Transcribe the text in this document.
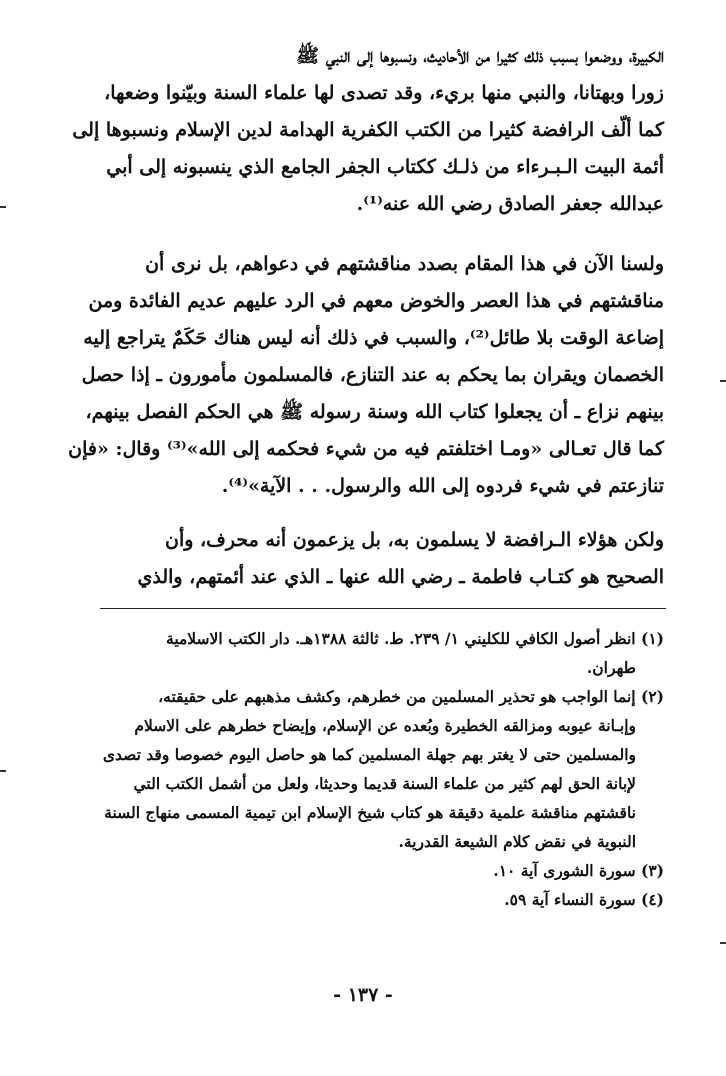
الكبيرة، ووضعوا بسبب ذلك كثيرا من الأحاديث، ونسبوها إلى النبي ﷺ
زورا وبهتانا، والنبي منها بريء، وقد تصدى لها علماء السنة وبيّنوا وضعها،
كما ألّف الرافضة كثيرا من الكتب الكفرية الهدامة لدين الإسلام ونسبوها إلى
أئمة البيت الـبـرءاء من ذلـك ككتاب الجفر الجامع الذي ينسبونه إلى أبي
عبدالله جعفر الصادق رضي الله عنه⁽¹⁾.
ولسنا الآن في هذا المقام بصدد مناقشتهم في دعواهم، بل نرى أن
مناقشتهم في هذا العصر والخوض معهم في الرد عليهم عديم الفائدة ومن
إضاعة الوقت بلا طائل⁽²⁾، والسبب في ذلك أنه ليس هناك حَكَمٌ يتراجع إليه
الخصمان ويقران بما يحكم به عند التنازع، فالمسلمون مأمورون ـ إذا حصل
بينهم نزاع ـ أن يجعلوا كتاب الله وسنة رسوله ﷺ هي الحكم الفصل بينهم،
كما قال تعـالى «ومـا اختلفتم فيه من شيء فحكمه إلى الله»⁽³⁾ وقال: «فإن
تنازعتم في شيء فردوه إلى الله والرسول. . . الآية»⁽⁴⁾.
ولكن هؤلاء الـرافضة لا يسلمون به، بل يزعمون أنه محرف، وأن
الصحيح هو كتـاب فاطمة ـ رضي الله عنها ـ الذي عند أئمتهم، والذي
(١) انظر أصول الكافي للكليني ١/ ٢٣٩. ط. ثالثة ١٣٨٨هـ. دار الكتب الاسلامية
طهران.
(٢) إنما الواجب هو تحذير المسلمين من خطرهم، وكشف مذهبهم على حقيقته،
وإبـانة عيوبه ومزالقه الخطيرة وبُعده عن الإسلام، وإيضاح خطرهم على الاسلام
والمسلمين حتى لا يغتر بهم جهلة المسلمين كما هو حاصل اليوم خصوصا وقد تصدى
لإبانة الحق لهم كثير من علماء السنة قديما وحديثا، ولعل من أشمل الكتب التي
ناقشتهم مناقشة علمية دقيقة هو كتاب شيخ الإسلام ابن تيمية المسمى منهاج السنة
النبوية في نقض كلام الشيعة القدرية.
(٣) سورة الشورى آية ١٠.
(٤) سورة النساء آية ٥٩.
- ١٣٧ -
